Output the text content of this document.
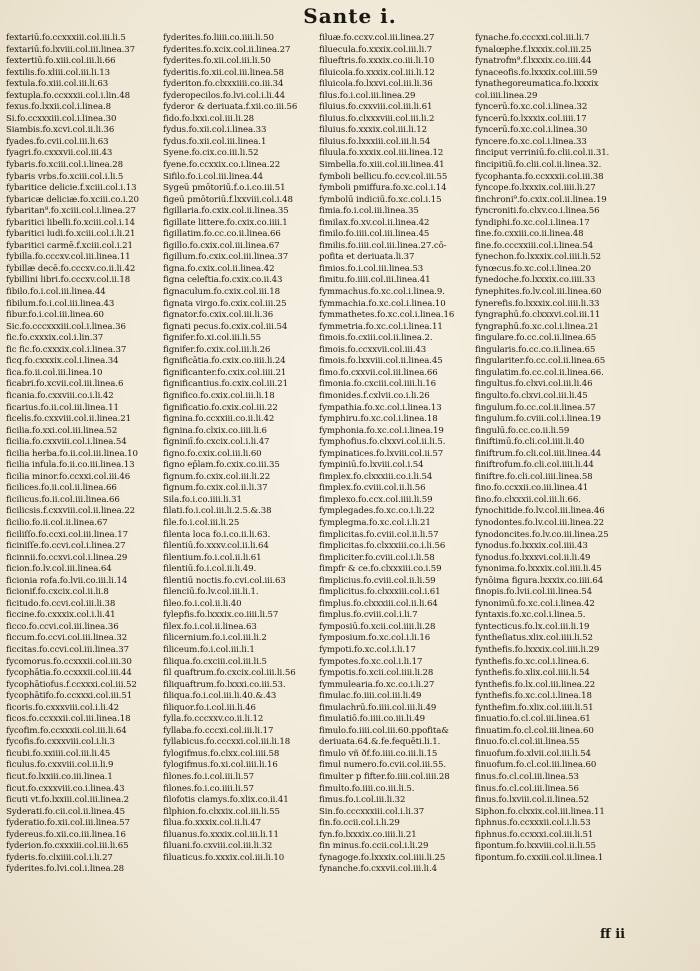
Sante i.
fextariū.fo.ccxxxiii.col.iii.li.5
fextariū.fo.lxviii.col.iii.linea.37
fextertiū.fo.xiii.col.iii.li.66
fextilis.fo.xliii.col.iii.li.13
fextula.fo.xiii.col.iii.li.63
fextupla.fo.ccxxxii.col.i.lin.48
fexus.fo.lxxii.col.i.linea.8
Si.fo.ccxxxiii.col.i.linea.30
Siambis.fo.xcvi.col.ii.li.36
fyades.fo.cvii.col.iii.li.63
fyagri.fo.cxxxvii.col.iii.43
fybaris.fo.xciii.col.i.linea.28
fybaris vrbs.fo.xciii.col.i.li.5
fybaritice delicie.f.xciii.col.i.13
fybaricæ deliciæ.fo.xciii.co.i.20
fybaritan⁹.fo.xciii.col.i.linea.27
fybaritici libelli.fo.xciii.col.i.14
fybaritici ludi.fo.xciii.col.i.li.21
fybaritici carmē.f.xciii.col.i.21
fybilla.fo.cccxv.col.iii.linea.11
fybillæ decē.fo.cccxv.co.ii.li.42
fybillini libri.fo.cccxv.col.ii.18
fibilo.fo.i.col.iii.linea.44
fibilum.fo.i.col.iii.linea.43
fibur.fo.i.col.iii.linea.60
Sic.fo.cccxxxiii.col.i.linea.36
fic.fo.cxxxix.col.i.lin.37
fic fic.fo.cxxxix.col.i.linea.37
ficq.fo.cxxxix.col.i.linea.34
fica.fo.ii.col.iii.linea.10
ficabri.fo.xcvii.col.iii.linea.6
ficania.fo.cxxviii.co.i.li.42
ficarius.fo.ii.col.iii.linea.11
ficelis.fo.cxxviii.col.ii.linea.21
ficilia.fo.xxi.col.iii.linea.52
ficilia.fo.cxxviii.col.i.linea.54
ficilia herba.fo.ii.col.iii.linea.10
ficilia infula.fo.ii.co.iii.linea.13
ficilia minor.fo.ccxxi.col.iii.46
ficilices.fo.ii.col.ii.linea.66
ficilicus.fo.ii.col.iii.linea.66
ficilicsis.f.cxxviii.col.ii.linea.22
ficilio.fo.ii.col.ii.linea.67
ficiliſſo.fo.ccxi.col.iii.linea.17
ficiniſſe.fo.ccvi.col.i.linea.27
ficinnii.fo.ccxvi.col.i.linea.29
ficion.fo.lv.col.iii.linea.64
ficionia rofa.fo.lvii.co.iii.li.14
ficionif.fo.cxcix.col.ii.li.8
ficitudo.fo.ccvi.col.iii.li.38
ficcine.fo.cxxxix.col.i.li.41
ficco.fo.ccvi.col.iii.linea.36
ficcum.fo.ccvi.col.iii.linea.32
ficcitas.fo.ccvi.col.iii.linea.37
fycomorus.fo.ccxxxii.col.iii.30
fycophātia.fo.ccxxxii.col.iii.44
fycophātiofus.f.ccxxxi.col.iii.52
fycophātifo.fo.ccxxxi.col.iii.51
ficoris.fo.cxxxviii.col.i.li.42
ficos.fo.ccxxxii.col.iii.linea.18
fycofim.fo.ccxxxii.col.iii.li.64
fycofis.fo.cxxxviii.col.i.li.3
ficubi.fo.xxiiii.col.iii.li.45
ficulus.fo.cxxviii.col.ii.li.9
ficut.fo.lxxiii.co.iii.linea.1
ficut.fo.cxxxviii.co.i.linea.43
ficuti vt.fo.lxxiii.col.iii.linea.2
Syderati.fo.cii.col.ii.linea.45
fyderatio.fo.xii.col.iii.linea.57
fydereus.fo.xii.co.iii.linea.16
fyderion.fo.cxxxiii.col.iii.li.65
fyderis.fo.clxiiii.col.i.li.27
fyderites.fo.lvi.col.i.linea.28
fyderites.fo.liiii.co.iiii.li.50
fyderites.fo.xcix.col.ii.linea.27
fyderites.fo.xii.col.iii.li.50
fyderitis.fo.xii.col.iii.linea.58
fyderiton.fo.clxxxiiii.co.iii.34
fyderopecilos.fo.lvi.col.i.li.44
fyderor & deriuata.f.xii.co.iii.56
fido.fo.lxxi.col.iii.li.28
fydus.fo.xii.col.i.linea.33
fydus.fo.xii.col.iii.linea.1
Syene.fo.cix.co.iii.li.52
fyene.fo.ccxxix.co.i.linea.22
Sifilo.fo.i.col.iii.linea.44
Sygeū pmōtoriū.f.o.i.co.iii.51
figeū pmōtoriū.f.lxxviii.col.i.48
figillaria.fo.cxix.col.ii.linea.35
figillate littere.fo.cxix.co.iiii.1
figillatim.fo.cc.co.ii.linea.66
figillo.fo.cxix.col.iii.linea.67
figillum.fo.cxix.col.iii.linea.37
figna.fo.cxix.col.ii.linea.42
figna celeftia.fo.cxix.co.ii.43
fignaculum.fo.cxix.col.iii.18
fignata virgo.fo.cxix.col.iii.25
fignator.fo.cxix.col.iii.li.36
fignati pecus.fo.cxix.col.iii.54
fignifer.fo.xi.col.iii.li.55
fignifer.fo.cxix.col.iii.li.26
fignificātia.fo.cxix.co.iiii.li.24
fignificanter.fo.cxix.col.iiii.21
fignificantius.fo.cxix.col.iii.21
fignifico.fo.cxix.col.iii.li.18
fignificatio.fo.cxix.col.iii.22
fignina.fo.ccxxiii.co.ii.li.42
fignina.fo.clxix.co.iiii.li.6
figniniī.fo.cxcix.col.i.li.47
figno.fo.cxix.col.iii.li.60
figno ep̄lam.fo.cxix.co.iii.35
fignum.fo.cxix.col.iii.li.22
fignum.fo.cxix.col.ii.li.37
Sila.fo.i.co.iiii.li.31
filati.fo.i.col.iii.li.2.5.&.38
file.fo.i.col.iii.li.25
filenta loca fo.i.co.ii.li.63.
filentiū.fo.xxxv.col.ii.li.64
filentium.fo.i.col.ii.li.61
filentiū.fo.i.col.ii.li.49.
filentiū noctis.fo.cvi.col.iii.63
filenciū.fo.lv.col.iii.li.1.
fileo.fo.i.col.ii.li.40
fylepfis.fo.lxxxix.co.iiii.li.57
filex.fo.i.col.ii.linea.63
filicernium.fo.i.col.iii.li.2
filiceum.fo.i.col.iii.li.1
filiqua.fo.cxciii.col.iii.li.5
fil quaftrum.fo.cxcix.col.iii.li.56
filiquaftrum.fo.lxxxi.co.iii.53.
filiqua.fo.i.col.iii.li.40.&.43
filiquor.fo.i.col.iii.li.46
fylla.fo.cccxxv.co.ii.li.12
fyllaba.fo.cccxi.col.iii.li.17
fyllabicus.fo.cccxxi.col.iii.li.18
fylogifmus.fo.clxx.col.iiii.58
fylogifmus.fo.xi.col.iiii.li.16
filones.fo.i.col.iii.li.57
filones.fo.i.co.iiii.li.57
filofotis clamys.fo.xlix.co.ii.41
filphion.fo.clxxix.col.iii.li.55
filua.fo.xxxix.col.ii.li.47
filuanus.fo.xxxix.col.iii.li.11
filuani.fo.cxviii.col.iii.li.32
filuaticus.fo.xxxix.col.iii.li.10
filuæ.fo.ccxv.col.iii.linea.27
filuecula.fo.xxxix.col.iii.li.7
filueftris.fo.xxxix.co.iii.li.10
filuicola.fo.xxxix.col.iii.li.12
filuicola.fo.lxxvi.col.iii.li.36
filus.fo.i.col.iii.linea.29
filuius.fo.cxxviii.col.iii.li.61
filuius.fo.clxxxviii.col.iii.li.2
filuius.fo.xxxix.col.iii.li.12
filuius.fo.lxxxiii.col.iii.li.54
filuula.fo.xxxix.col.iii.linea.12
Simbella.fo.xiii.col.iii.linea.41
fymboli bellicu.fo.ccv.col.iii.55
fymboli pmiffura.fo.xc.col.i.14
fymbolū indiciū.fo.xc.col.i.15
fimia.fo.i.col.iii.linea.35
fimilax.fo.xv.col.ii.linea.42
fimilo.fo.iiii.col.iii.linea.45
fimilis.fo.iiii.col.iii.linea.27.cō-
pofita et deriuata.li.37
fimios.fo.i.col.iii.linea.53
fimitu.fo.iiii.col.iii.linea.41
fymmachus.fo.xc.col.i.linea.9.
fymmachia.fo.xc.col.i.linea.10
fymmathetes.fo.xc.col.i.linea.16
fymmetria.fo.xc.col.i.linea.11
fimois.fo.cxiii.col.ii.linea.2.
fimois.fo.ccxxvii.col.iii.43
fimois.fo.lxxviii.col.ii.linea.45
fimo.fo.cxxvii.col.iii.linea.66
fimonia.fo.cxciii.col.iiii.li.16
fimonides.f.cxlvii.co.i.li.26
fympathia.fo.xc.col.i.linea.13
fymphiru.fo.xc.col.i.linea.18
fymphonia.fo.xc.col.i.linea.19
fymphofius.fo.clxxvi.col.ii.li.5.
fympinatices.fo.lxviii.col.ii.57
fympiniū.fo.lxviii.col.i.54
fimplex.fo.clxxxiii.co.i.li.54
fimplex.fo.cviii.col.ii.li.56
fimplexo.fo.ccx.col.iiii.li.59
fymplegades.fo.xc.co.i.li.22
fymplegma.fo.xc.col.i.li.21
fimplicitas.fo.cviii.col.ii.li.57
fimplicitas.fo.clxxxiii.co.i.li.56
fimpliciter.fo.cviii.col.i.li.58
fimpfr & ce.fo.clxxxiii.co.i.59
fimplicius.fo.cviii.col.ii.li.59
fimplicitus.fo.clxxxiii.col.i.61
fimplus.fo.clxxxiii.col.ii.li.64
fimplus.fo.cviii.col.i.li.7
fymposiū.fo.xcii.col.iiii.li.28
fymposium.fo.xc.col.i.li.16
fympoti.fo.xc.col.i.li.17
fympotes.fo.xc.col.i.li.17
fympotis.fo.xcii.col.iiii.li.28
fymmulearia.fo.xc.co.i.li.27
fimulac.fo.iiii.col.iii.li.49
fimulachrū.fo.iiii.col.iii.li.49
fimulatiō.fo.iiii.co.iii.li.49
fimulo.fo.iiii.col.iii.60.ppofita&
deriuata.64.&.fe.fequēti.li.1.
fimulo vñ ðf.fo.iiii.co.iii.li.15
fimul numero.fo.cvii.col.iii.55.
fimulter p fifter.fo.iiii.col.iiii.28
fimulto.fo.iiii.co.iii.li.5.
fimus.fo.i.col.iii.li.32
Sin.fo.cccxxxiii.col.i.li.37
fin.fo.ccii.col.i.li.29
fyn.fo.lxxxix.co.iiii.li.21
fin minus.fo.ccii.col.i.li.29
fynagoge.fo.lxxxix.col.iiii.li.25
fynanche.fo.cxxvii.col.iii.li.4
fynache.fo.cccxxi.col.iii.li.7
fynalœphe.f.lxxxix.col.iii.25
fynatrofm⁹.f.lxxxix.co.iiii.44
fynaceofis.fo.lxxxix.col.iiii.59
fynathegoreumatica.fo.lxxxix
col.iiii.linea.29
fyncerū.fo.xc.col.i.linea.32
fyncerū.fo.lxxxix.col.iiii.17
fyncerū.fo.xc.col.i.linea.30
fyncere.fo.xc.col.i.linea.33
finciput verriniū.fo.clii.col.ii.31.
fincipitiū.fo.clii.col.ii.linea.32.
fycophanta.fo.ccxxxii.col.iii.38
fyncope.fo.lxxxix.col.iiii.li.27
finchroni⁹.fo.cxix.col.ii.linea.19
fyncroniti.fo.clxv.co.i.linea.56
fyndiphi.fo.xc.col.i.linea.17
fine.fo.cxxiii.co.ii.linea.48
fine.fo.cccxxiii.col.i.linea.54
fynechon.fo.lxxxix.col.iiii.li.52
fynœcus.fo.xc.col.i.linea.20
fynedoche.fo.lxxxix.co.iiii.33
fynephites.fo.lv.col.iii.linea.60
fynerefis.fo.lxxxix.col.iiii.li.33
fyngraphū.fo.clxxxvi.col.iii.11
fyngraphū.fo.xc.col.i.linea.21
fingulare.fo.cc.col.ii.linea.65
fingularis.fo.cc.co.ii.linea.65
fingulariter.fo.cc.col.ii.linea.65
fingulatim.fo.cc.col.ii.linea.66.
fingultus.fo.clxvi.col.iii.li.46
fingulto.fo.clxvi.col.iii.li.45
fingulum.fo.cc.col.ii.linea.57
fingulum.fo.cviii.col.i.linea.19
fingulū.fo.cc.co.ii.li.59
finiftimū.fo.cli.col.iiii.li.40
finiftrum.fo.cli.col.iiii.linea.44
finiftrofum.fo.cli.col.iiii.li.44
finiftre.fo.cli.col.iiii.linea.58
fino.fo.ccxxii.co.iii.linea.41
fino.fo.clxxxii.col.iii.li.66.
fynochitide.fo.lv.col.iii.linea.46
fynodontes.fo.lv.col.iii.linea.22
fynodoncites.fo.lv.co.iii.linea.25
fynodus.fo.lxxxix.col.iiii.43
fynodus.fo.lxxxvi.col.ii.li.49
fynonima.fo.lxxxix.col.iiii.li.45
fynōima figura.lxxxix.co.iiii.64
finopis.fo.lvii.col.iii.linea.54
fynonimū.fo.xc.col.i.linea.42
fyntaxis.fo.xc.col.i.linea.5.
fyntecticus.fo.lx.col.iii.li.19
fyntheſiatus.xlix.col.iiii.li.52
fynthefis.fo.lxxxix.col.iiii.li.29
fynthefis.fo.xc.col.i.linea.6.
fynthefis.fo.xlix.col.iiii.li.54
fynthefis.fo.lx.col.iii.linea.22
fynthefis.fo.xc.col.i.linea.18
fynthefim.fo.xlix.col.iiii.li.51
finuatio.fo.cl.col.iii.linea.61
finuatim.fo.cl.col.iii.linea.60
finuo.fo.cl.col.iii.linea.55
finuofum.fo.xlvii.col.iii.li.54
finuofum.fo.cl.col.iii.linea.60
finus.fo.cl.col.iii.linea.53
finus.fo.cl.col.iii.linea.56
finus.fo.lxviii.col.ii.linea.52
Siphon.fo.clxxix.col.iii.linea.11
fiphnus.fo.ccxxxii.col.i.li.53
fiphnus.fo.ccxxxi.col.iii.li.51
fipontum.fo.lxxviii.col.ii.li.55
fipontum.fo.cxxiii.col.ii.linea.1
ff ii
